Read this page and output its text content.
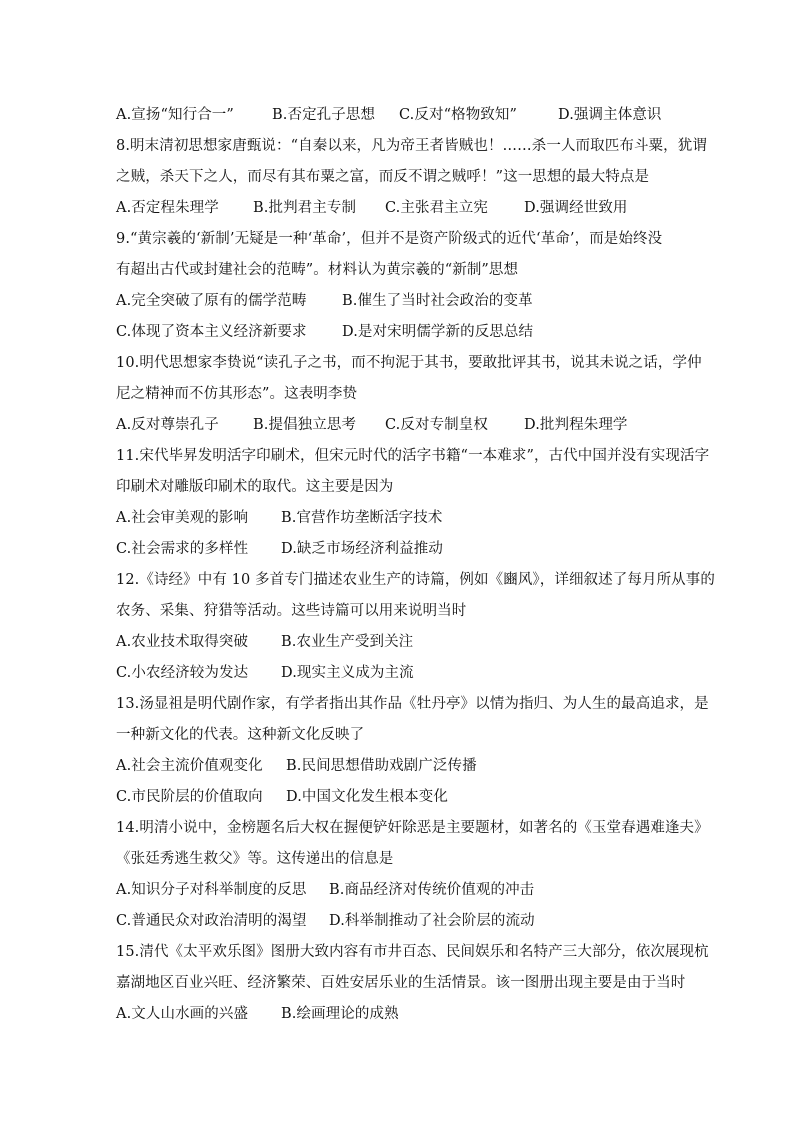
A.宣扬“知行合一”	B.否定孔子思想 C.反对“格物致知”	D.强调主体意识
8.明末清初思想家唐甄说：“自秦以来，凡为帝王者皆贼也！……杀一人而取匹布斗粟，犹谓
之贼，杀天下之人，而尽有其布粟之富，而反不谓之贼呼！”这一思想的最大特点是
A.否定程朱理学 B.批判君主专制 C.主张君主立宪 D.强调经世致用
9.“黄宗羲的‘新制’无疑是一种‘革命’，但并不是资产阶级式的近代‘革命’，而是始终没
有超出古代或封建社会的范畴”。材料认为黄宗羲的“新制”思想
A.完全突破了原有的儒学范畴 B.催生了当时社会政治的变革
C.体现了资本主义经济新要求 D.是对宋明儒学新的反思总结
10.明代思想家李贽说“读孔子之书，而不拘泥于其书，要敢批评其书，说其未说之话，学仲
尼之精神而不仿其形态”。这表明李贽
A.反对尊崇孔子 B.提倡独立思考 C.反对专制皇权 D.批判程朱理学
11.宋代毕昇发明活字印刷术，但宋元时代的活字书籍“一本难求”，古代中国并没有实现活字
印刷术对雕版印刷术的取代。这主要是因为
A.社会审美观的影响 B.官营作坊垄断活字技术
C.社会需求的多样性 D.缺乏市场经济利益推动
12.《诗经》中有 10 多首专门描述农业生产的诗篇，例如《豳风》，详细叙述了每月所从事的
农务、采集、狩猎等活动。这些诗篇可以用来说明当时
A.农业技术取得突破 B.农业生产受到关注
C.小农经济较为发达 D.现实主义成为主流
13.汤显祖是明代剧作家，有学者指出其作品《牡丹亭》以情为指归、为人生的最高追求，是
一种新文化的代表。这种新文化反映了
A.社会主流价值观变化 B.民间思想借助戏剧广泛传播
C.市民阶层的价值取向 D.中国文化发生根本变化
14.明清小说中，金榜题名后大权在握便铲奸除恶是主要题材，如著名的《玉堂春遇难逢夫》
《张廷秀逃生救父》等。这传递出的信息是
A.知识分子对科举制度的反思 B.商品经济对传统价值观的冲击
C.普通民众对政治清明的渴望 D.科举制推动了社会阶层的流动
15.清代《太平欢乐图》图册大致内容有市井百态、民间娱乐和名特产三大部分，依次展现杭
嘉湖地区百业兴旺、经济繁荣、百姓安居乐业的生活情景。该一图册出现主要是由于当时
A.文人山水画的兴盛 B.绘画理论的成熟
